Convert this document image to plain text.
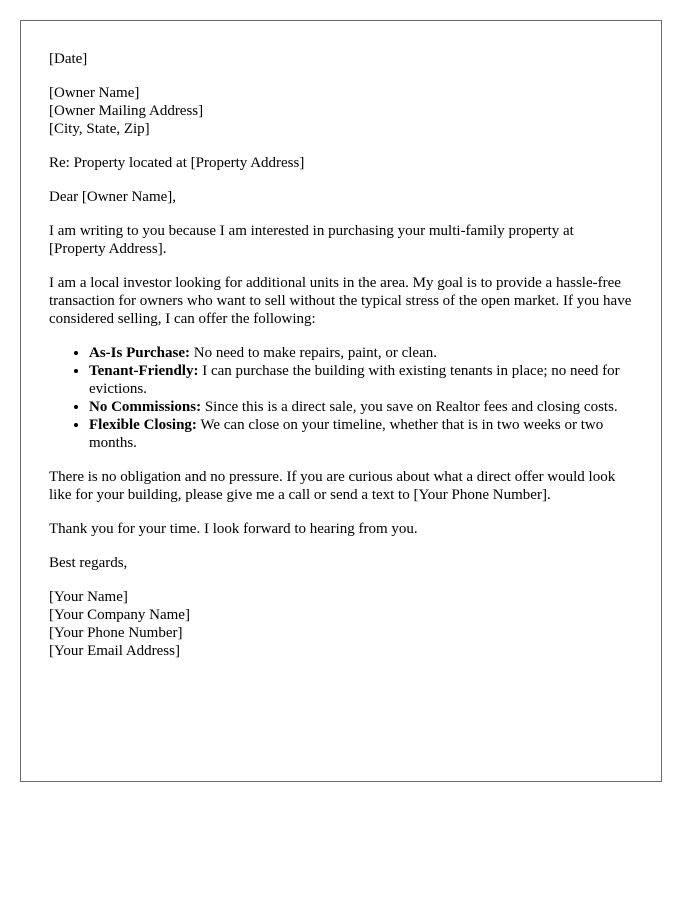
[Date]

[Owner Name]
[Owner Mailing Address]
[City, State, Zip]

Re: Property located at [Property Address]

Dear [Owner Name],

I am writing to you because I am interested in purchasing your multi-family property at [Property Address].

I am a local investor looking for additional units in the area. My goal is to provide a hassle-free transaction for owners who want to sell without the typical stress of the open market. If you have considered selling, I can offer the following:

• As-Is Purchase: No need to make repairs, paint, or clean.
• Tenant-Friendly: I can purchase the building with existing tenants in place; no need for evictions.
• No Commissions: Since this is a direct sale, you save on Realtor fees and closing costs.
• Flexible Closing: We can close on your timeline, whether that is in two weeks or two months.

There is no obligation and no pressure. If you are curious about what a direct offer would look like for your building, please give me a call or send a text to [Your Phone Number].

Thank you for your time. I look forward to hearing from you.

Best regards,

[Your Name]
[Your Company Name]
[Your Phone Number]
[Your Email Address]
